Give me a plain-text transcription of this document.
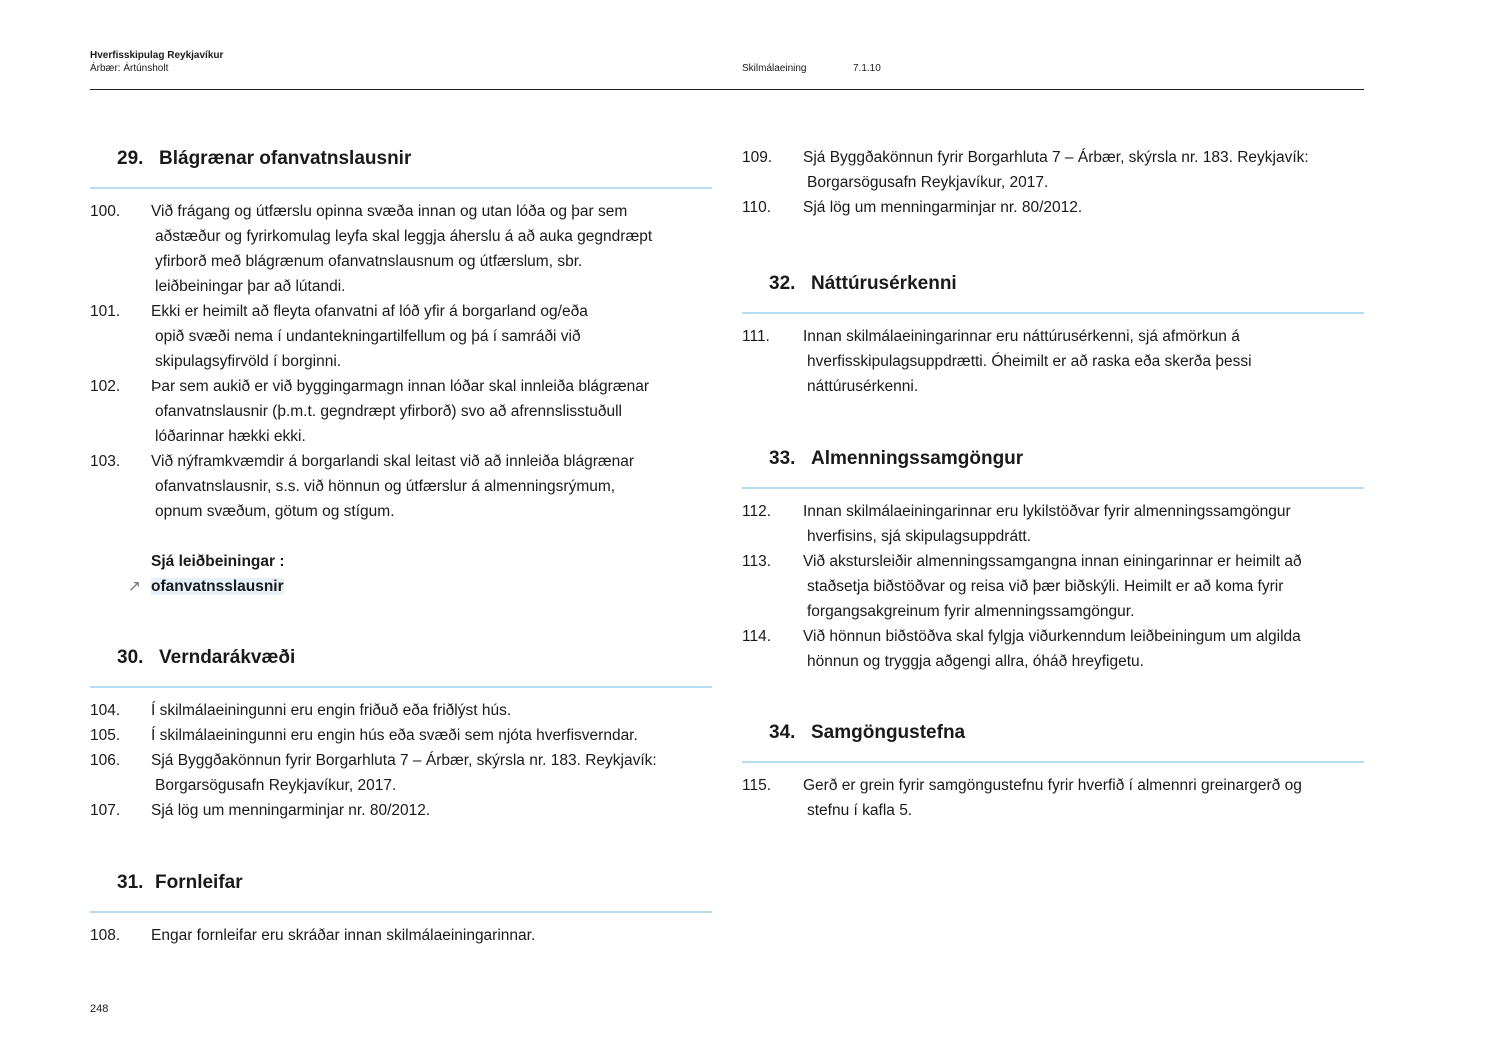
Hverfisskipulag Reykjavíkur
Árbær: Ártúnsholt	Skilmálaeining	7.1.10
29. Blágrænar ofanvatnslausnir
100. Við frágang og útfærslu opinna svæða innan og utan lóða og þar sem
aðstæður og fyrirkomulag leyfa skal leggja áherslu á að auka gegndræpt
yfirborð með blágrænum ofanvatnslausnum og útfærslum, sbr.
leiðbeiningar þar að lútandi.
101. Ekki er heimilt að fleyta ofanvatni af lóð yfir á borgarland og/eða
opið svæði nema í undantekningartilfellum og þá í samráði við
skipulagsyfirvöld í borginni.
102. Þar sem aukið er við byggingarmagn innan lóðar skal innleiða blágrænar
ofanvatnslausnir (þ.m.t. gegndræpt yfirborð) svo að afrennslisstuðull
lóðarinnar hækki ekki.
103. Við nýframkvæmdir á borgarlandi skal leitast við að innleiða blágrænar
ofanvatnslausnir, s.s. við hönnun og útfærslur á almenningsrýmum,
opnum svæðum, götum og stígum.
Sjá leiðbeiningar :
↗ ofanvatnsslausnir
30. Verndarákvæði
104. Í skilmálaeiningunni eru engin friðuð eða friðlýst hús.
105. Í skilmálaeiningunni eru engin hús eða svæði sem njóta hverfisverndar.
106. Sjá Byggðakönnun fyrir Borgarhluta 7 – Árbær, skýrsla nr. 183. Reykjavík:
Borgarsögusafn Reykjavíkur, 2017.
107. Sjá lög um menningarminjar nr. 80/2012.
31. Fornleifar
108. Engar fornleifar eru skráðar innan skilmálaeiningarinnar.
109. Sjá Byggðakönnun fyrir Borgarhluta 7 – Árbær, skýrsla nr. 183. Reykjavík:
Borgarsögusafn Reykjavíkur, 2017.
110. Sjá lög um menningarminjar nr. 80/2012.
32. Náttúrusérkenni
111. Innan skilmálaeiningarinnar eru náttúrusérkenni, sjá afmörkun á
hverfisskipulagsuppdrætti. Óheimilt er að raska eða skerða þessi
náttúrusérkenni.
33. Almenningssamgöngur
112. Innan skilmálaeiningarinnar eru lykilstöðvar fyrir almenningssamgöngur
hverfisins, sjá skipulagsuppdrátt.
113. Við akstursleiðir almenningssamgangna innan einingarinnar er heimilt að
staðsetja biðstöðvar og reisa við þær biðskýli. Heimilt er að koma fyrir
forgangsakgreinum fyrir almenningssamgöngur.
114. Við hönnun biðstöðva skal fylgja viðurkenndum leiðbeiningum um algilda
hönnun og tryggja aðgengi allra, óháð hreyfigetu.
34. Samgöngustefna
115. Gerð er grein fyrir samgöngustefnu fyrir hverfið í almennri greinargerð og
stefnu í kafla 5.
248
